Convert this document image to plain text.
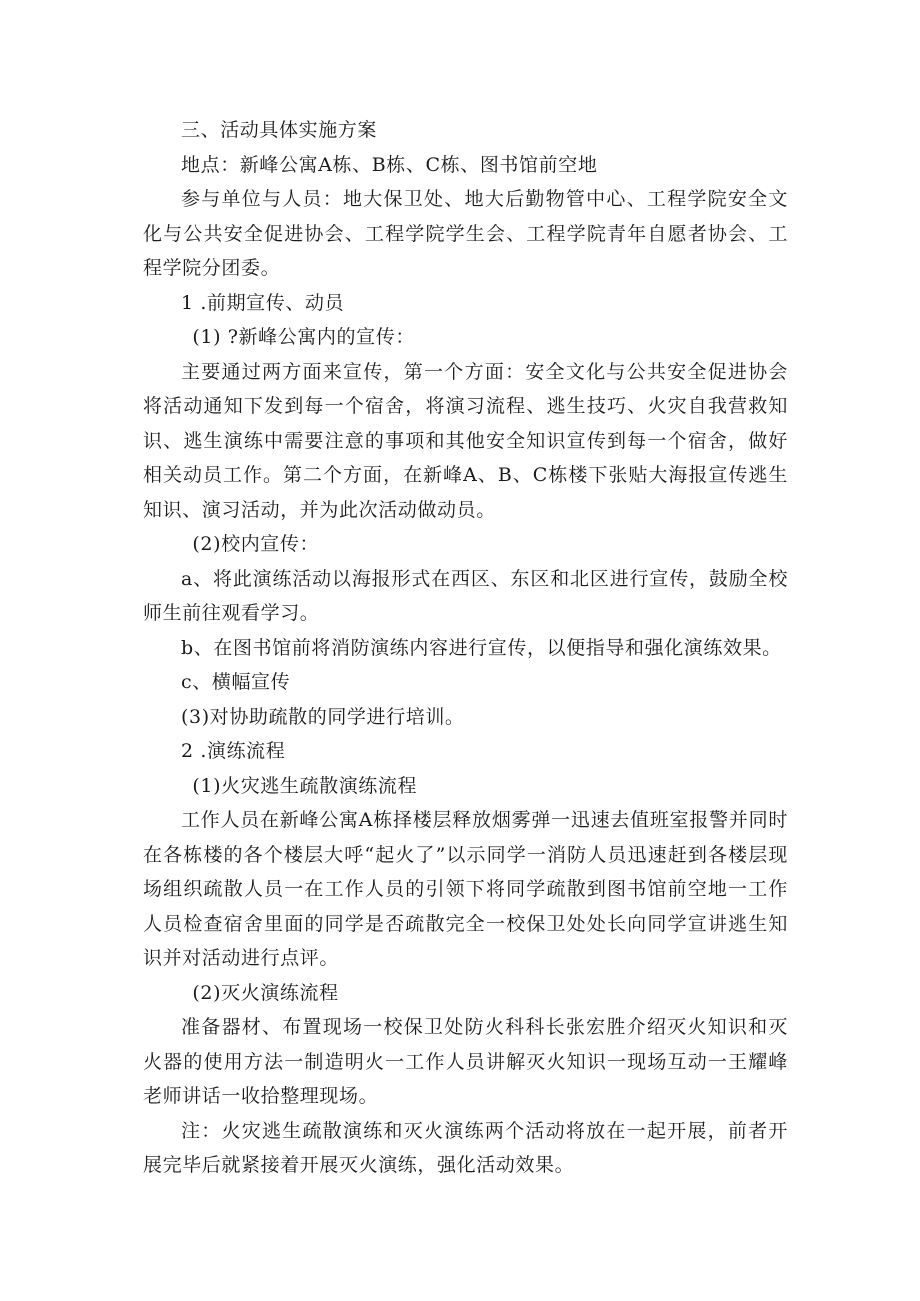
三、活动具体实施方案

地点：新峰公寓A栋、B栋、C栋、图书馆前空地

参与单位与人员：地大保卫处、地大后勤物管中心、工程学院安全文化与公共安全促进协会、工程学院学生会、工程学院青年自愿者协会、工程学院分团委。

1 .前期宣传、动员

(1) ?新峰公寓内的宣传：

主要通过两方面来宣传，第一个方面：安全文化与公共安全促进协会将活动通知下发到每一个宿舍，将演习流程、逃生技巧、火灾自我营救知识、逃生演练中需要注意的事项和其他安全知识宣传到每一个宿舍，做好相关动员工作。第二个方面，在新峰A、B、C栋楼下张贴大海报宣传逃生知识、演习活动，并为此次活动做动员。

(2)校内宣传：

a、将此演练活动以海报形式在西区、东区和北区进行宣传，鼓励全校师生前往观看学习。

b、在图书馆前将消防演练内容进行宣传，以便指导和强化演练效果。

c、横幅宣传

(3)对协助疏散的同学进行培训。

2 .演练流程

(1)火灾逃生疏散演练流程

工作人员在新峰公寓A栋择楼层释放烟雾弹一迅速去值班室报警并同时在各栋楼的各个楼层大呼“起火了”以示同学一消防人员迅速赶到各楼层现场组织疏散人员一在工作人员的引领下将同学疏散到图书馆前空地一工作人员检查宿舍里面的同学是否疏散完全一校保卫处处长向同学宣讲逃生知识并对活动进行点评。

(2)灭火演练流程

准备器材、布置现场一校保卫处防火科科长张宏胜介绍灭火知识和灭火器的使用方法一制造明火一工作人员讲解灭火知识一现场互动一王耀峰老师讲话一收拾整理现场。

注：火灾逃生疏散演练和灭火演练两个活动将放在一起开展，前者开展完毕后就紧接着开展灭火演练，强化活动效果。
